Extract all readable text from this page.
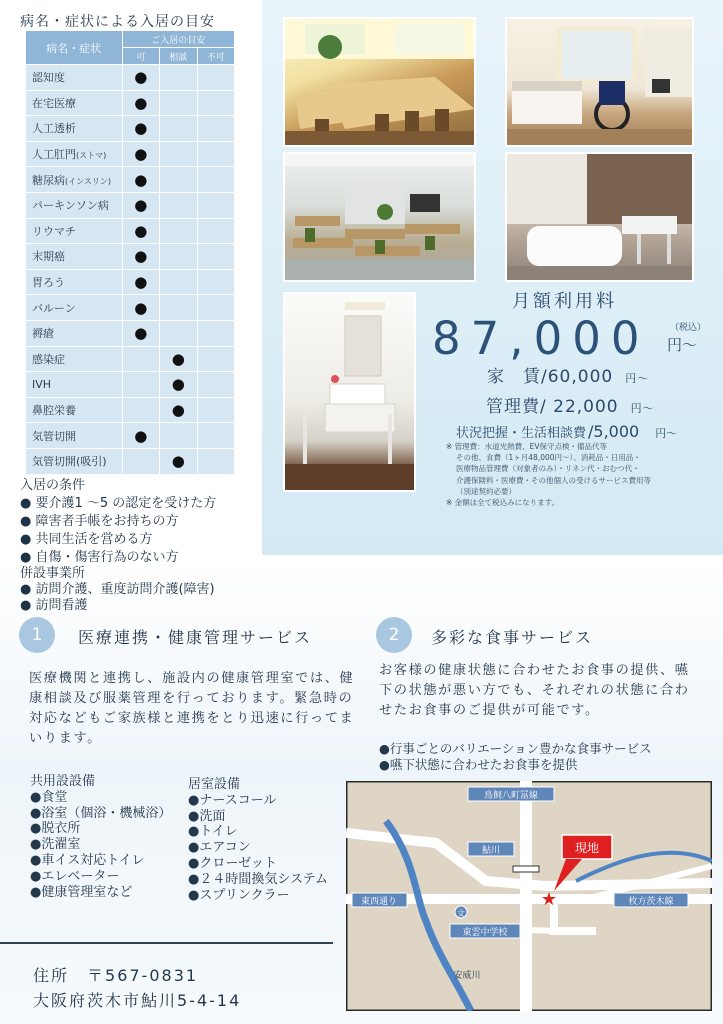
病名・症状による入居の目安
病名・症状	ご入居の目安		
	可	相談	不可
認知度	●		
在宅医療	●		
人工透析	●		
人工肛門(ストマ)	●		
糖尿病(インスリン)	●		
パーキンソン病	●		
リウマチ	●		
末期癌	●		
胃ろう	●		
バルーン	●		
褥瘡	●		
感染症		●	
IVH		●	
鼻腔栄養		●	
気管切開	●		
気管切開(吸引)		●	
入居の条件
● 要介護1 ～5 の認定を受けた方
● 障害者手帳をお持ちの方
● 共同生活を営める方
● 自傷・傷害行為のない方
併設事業所
● 訪問介護、重度訪問介護(障害)
● 訪問看護
月額利用料
87,000 （税込）
円～
家　賃/60,000 円～
管理費/ 22,000 円～
状況把握・生活相談費 /5,000 円～
※ 管理費：水道光熱費、EV保守点検・備品代等
その他、食費（1ヶ月48,000円～）、消耗品・日用品・
医療物品管理費（対象者のみ）・リネン代・おむつ代・
介護保険料・医療費・その他個人の受けるサービス費用等
（別途契約必要）
※ 金額は全て税込みになります。
1	医療連携・健康管理サービス
医療機関と連携し、施設内の健康管理室では、健康相談及び服薬管理を行っております。緊急時の対応などもご家族様と連携をとり迅速に行ってまいります。
2	多彩な食事サービス
お客様の健康状態に合わせたお食事の提供、嚥下の状態が悪い方でも、それぞれの状態に合わせたお食事のご提供が可能です。
● 行事ごとのバリエーション豊かな食事サービス
● 嚥下状態に合わせたお食事を提供
共用設設備
● 食堂
● 浴室（個浴・機械浴）
● 脱衣所
● 洗濯室
● 車イス対応トイレ
● エレベーター
● 健康管理室など
居室設備
● ナースコール
● 洗面
● トイレ
● エアコン
● クローゼット
● ２４時間換気システム
● スプリンクラー
住所 〒567-0831
大阪府茨木市鮎川5-4-14
鳥飼八町冨線
鮎川
東西通り	枚方茨木線
文
東雲中学校
安威川
現地
★
